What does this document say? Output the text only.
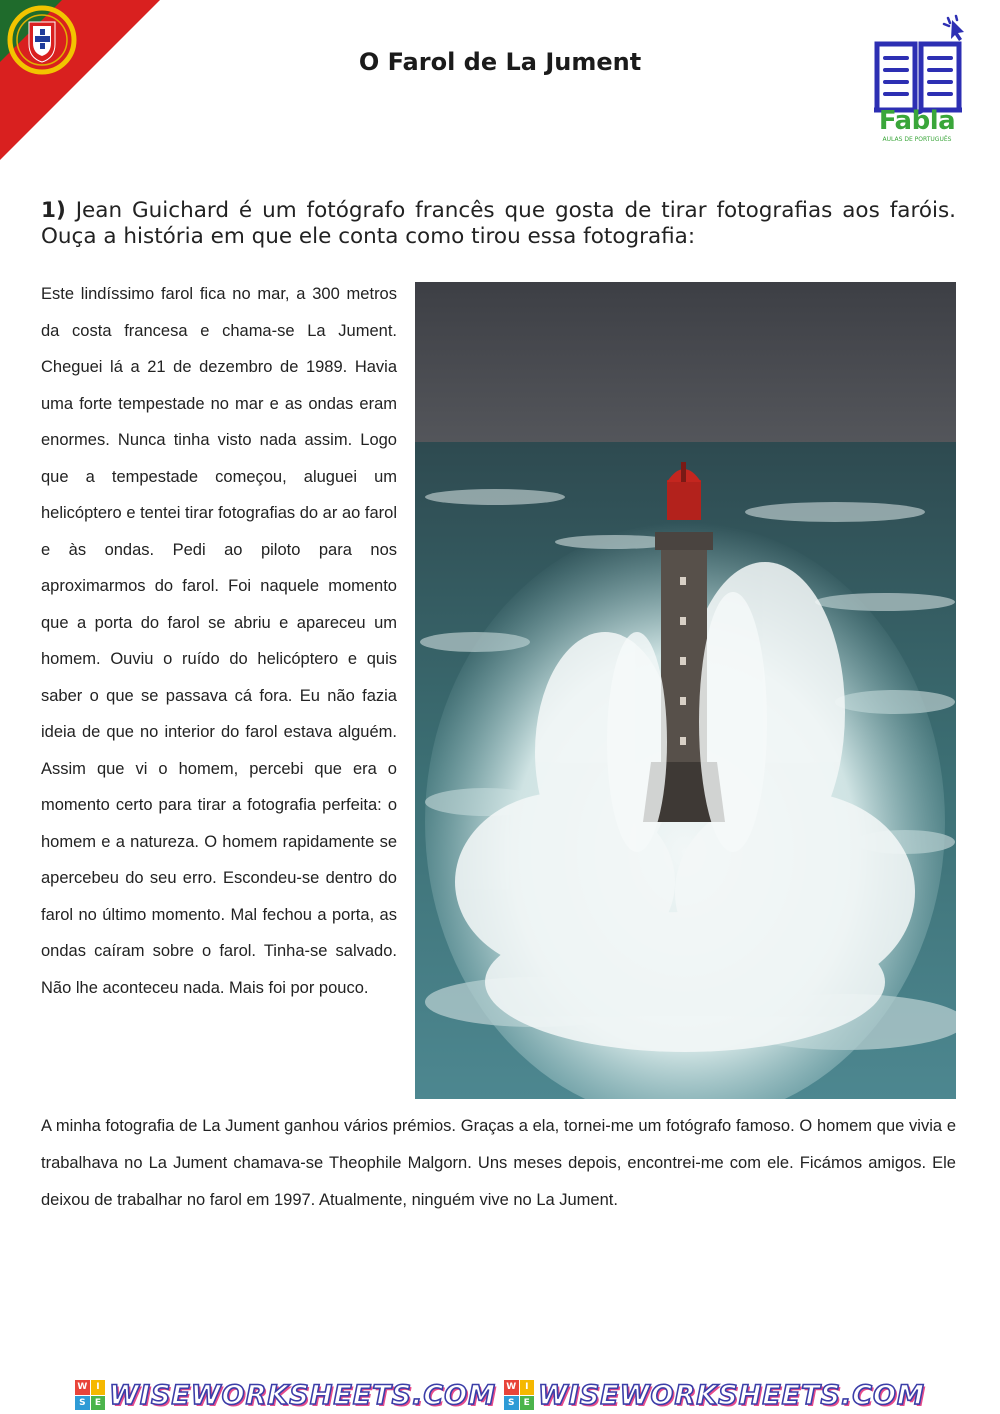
O Farol de La Jument
Fabla
AULAS DE PORTUGUÊS
1) Jean Guichard é um fotógrafo francês que gosta de tirar fotografias aos faróis. Ouça a história em que ele conta como tirou essa fotografia:
Este lindíssimo farol fica no mar, a 300 metros da costa francesa e chama-se La Jument. Cheguei lá a 21 de dezembro de 1989. Havia uma forte tempestade no mar e as ondas eram enormes. Nunca tinha visto nada assim. Logo que a tempestade começou, aluguei um helicóptero e tentei tirar fotografias do ar ao farol e às ondas. Pedi ao piloto para nos aproximarmos do farol. Foi naquele momento que a porta do farol se abriu e apareceu um homem. Ouviu o ruído do helicóptero e quis saber o que se passava cá fora. Eu não fazia ideia de que no interior do farol estava alguém. Assim que vi o homem, percebi que era o momento certo para tirar a fotografia perfeita: o homem e a natureza. O homem rapidamente se apercebeu do seu erro. Escondeu-se dentro do farol no último momento. Mal fechou a porta, as ondas caíram sobre o farol. Tinha-se salvado. Não lhe aconteceu nada. Mais foi por pouco.
A minha fotografia de La Jument ganhou vários prémios. Graças a ela, tornei-me um fotógrafo famoso. O homem que vivia e trabalhava no La Jument chamava-se Theophile Malgorn. Uns meses depois, encontrei-me com ele. Ficámos amigos. Ele deixou de trabalhar no farol em 1997. Atualmente, ninguém vive no La Jument.
W I
S	E WISEWORKSHEETS.COM W I
S	E WISEWORKSHEETS.COM
